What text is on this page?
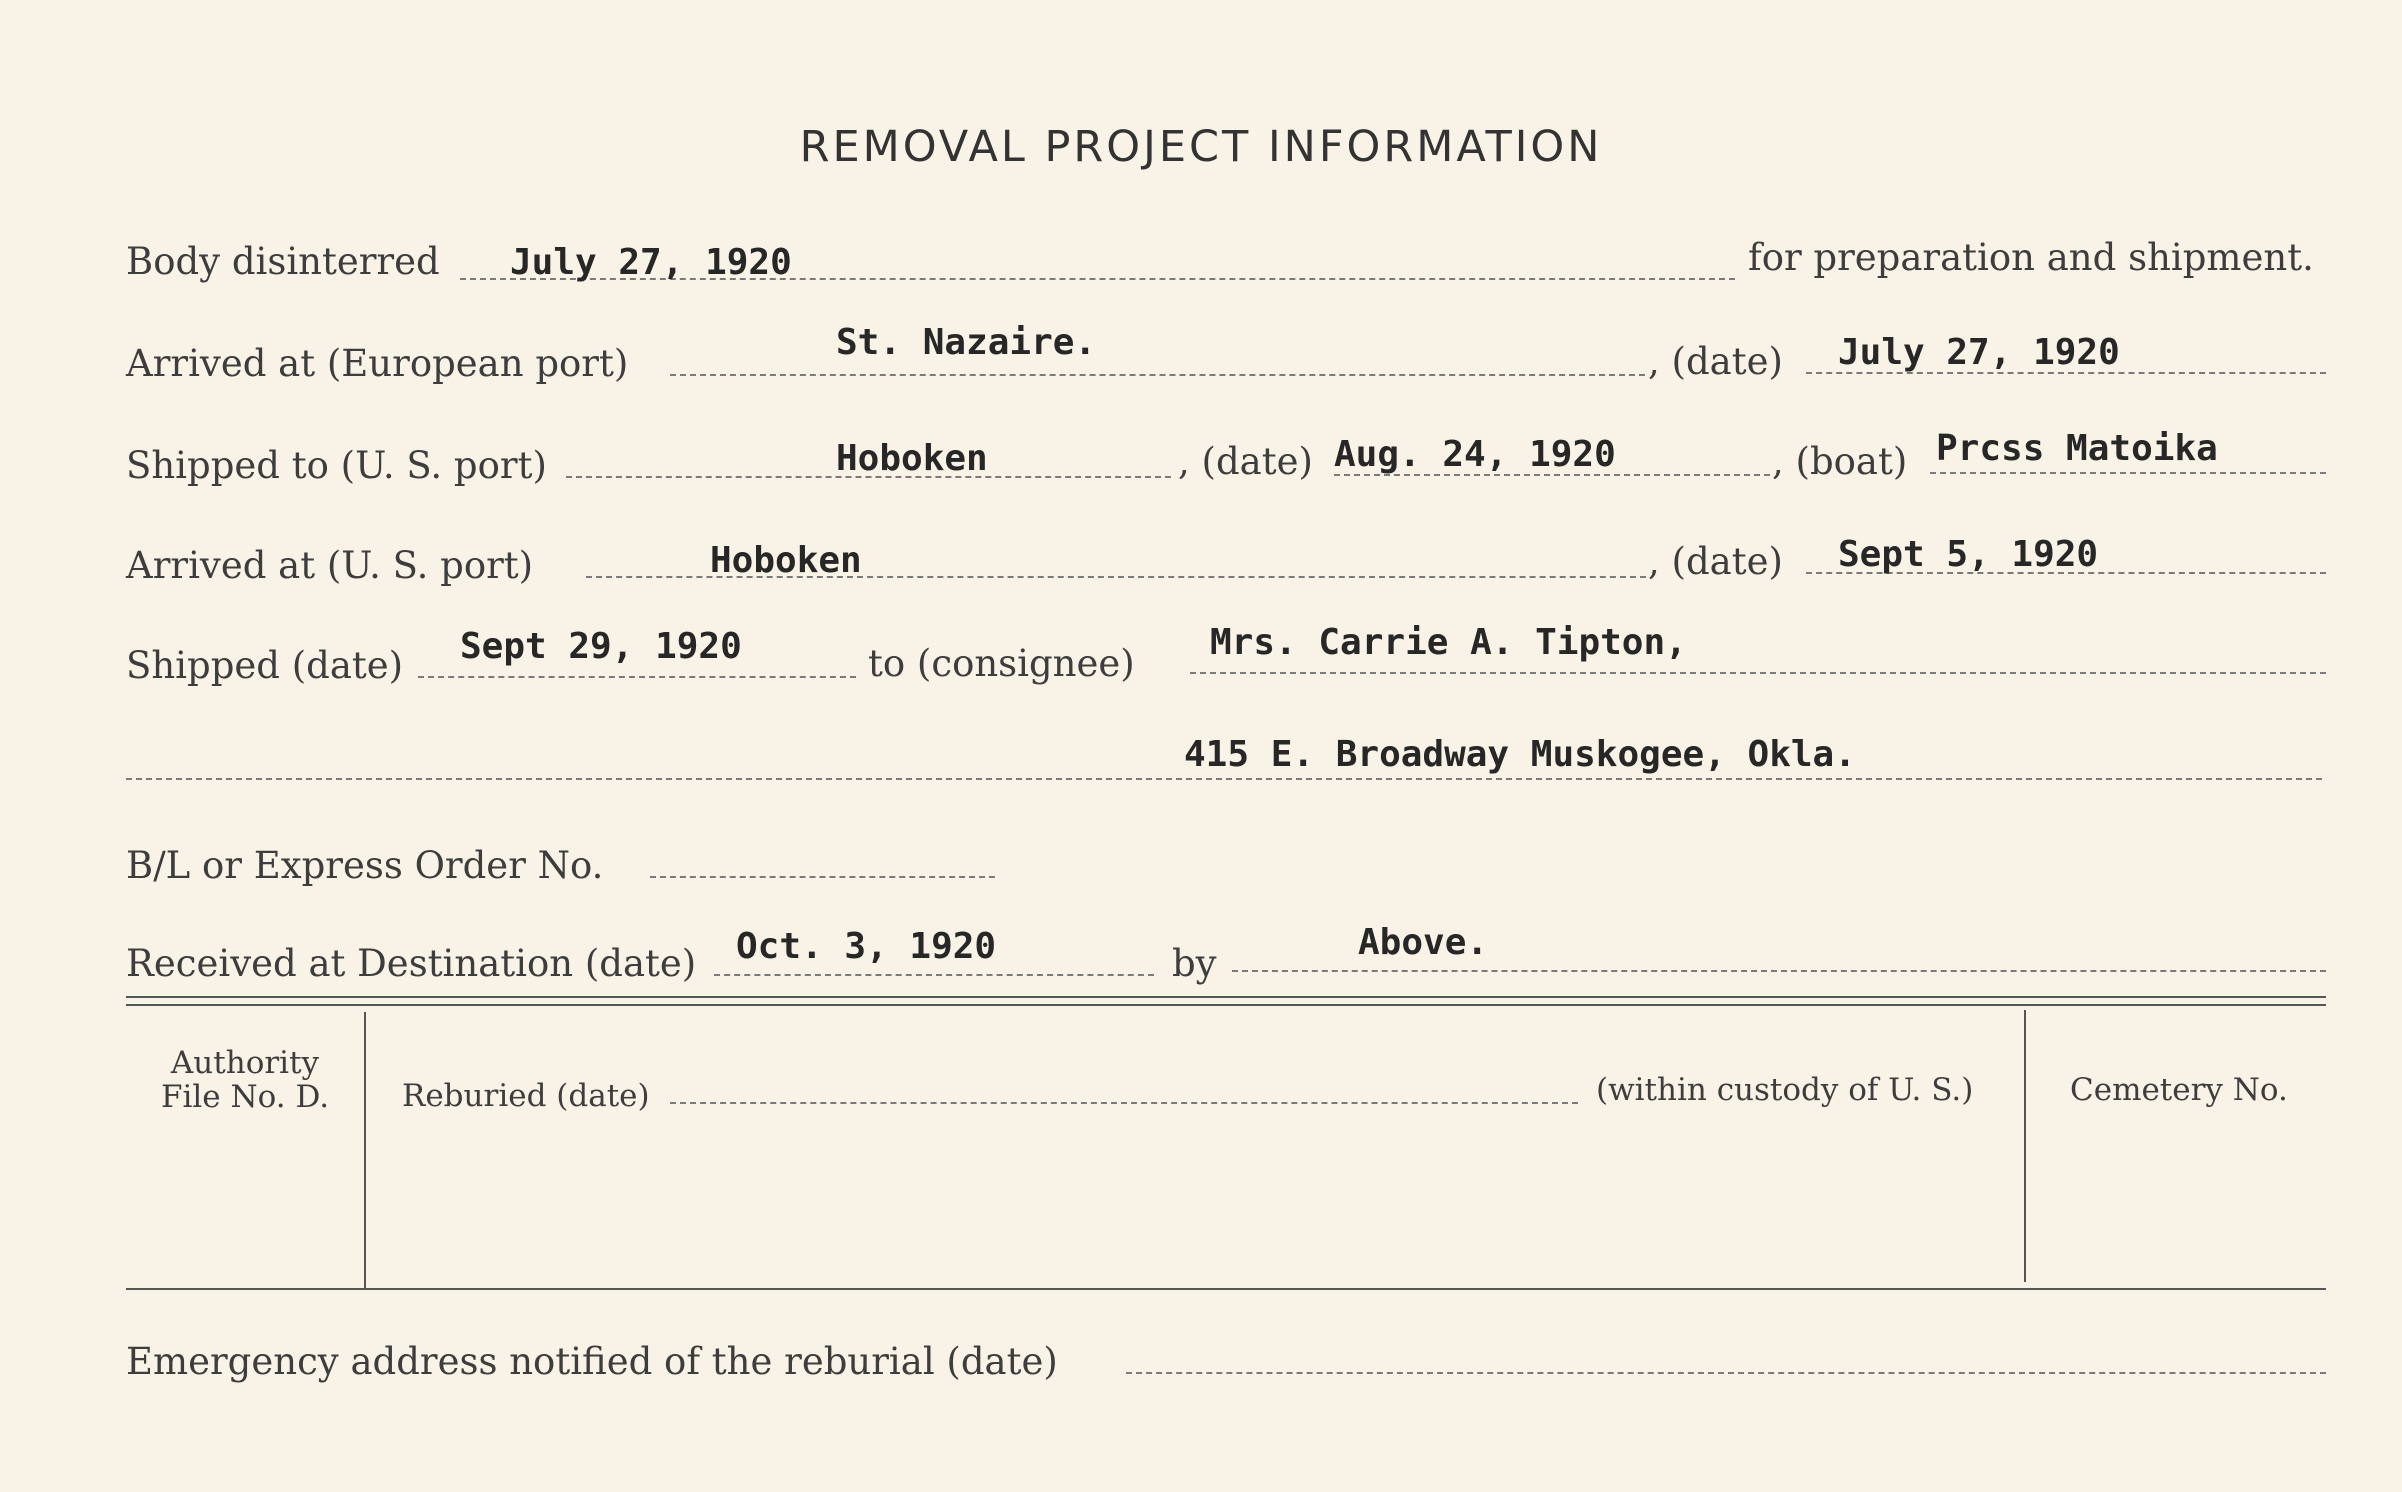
REMOVAL PROJECT INFORMATION
Body disinterred July 27, 1920	for preparation and shipment.
Arrived at (European port)	St. Nazaire.	, (date) July 27, 1920
Shipped to (U. S. port)	Hoboken	, (date) Aug. 24, 1920	, (boat) Prcss Matoika
Arrived at (U. S. port)	Hoboken	, (date) Sept 5, 1920
Shipped (date) Sept 29, 1920	to (consignee) Mrs. Carrie A. Tipton,
415 E. Broadway Muskogee, Okla.
B/L or Express Order No.
Received at Destination (date) Oct. 3, 1920	by	Above.
Authority
File No. D.	Reburied (date)	(within custody of U. S.)	Cemetery No.
Emergency address notified of the reburial (date)
